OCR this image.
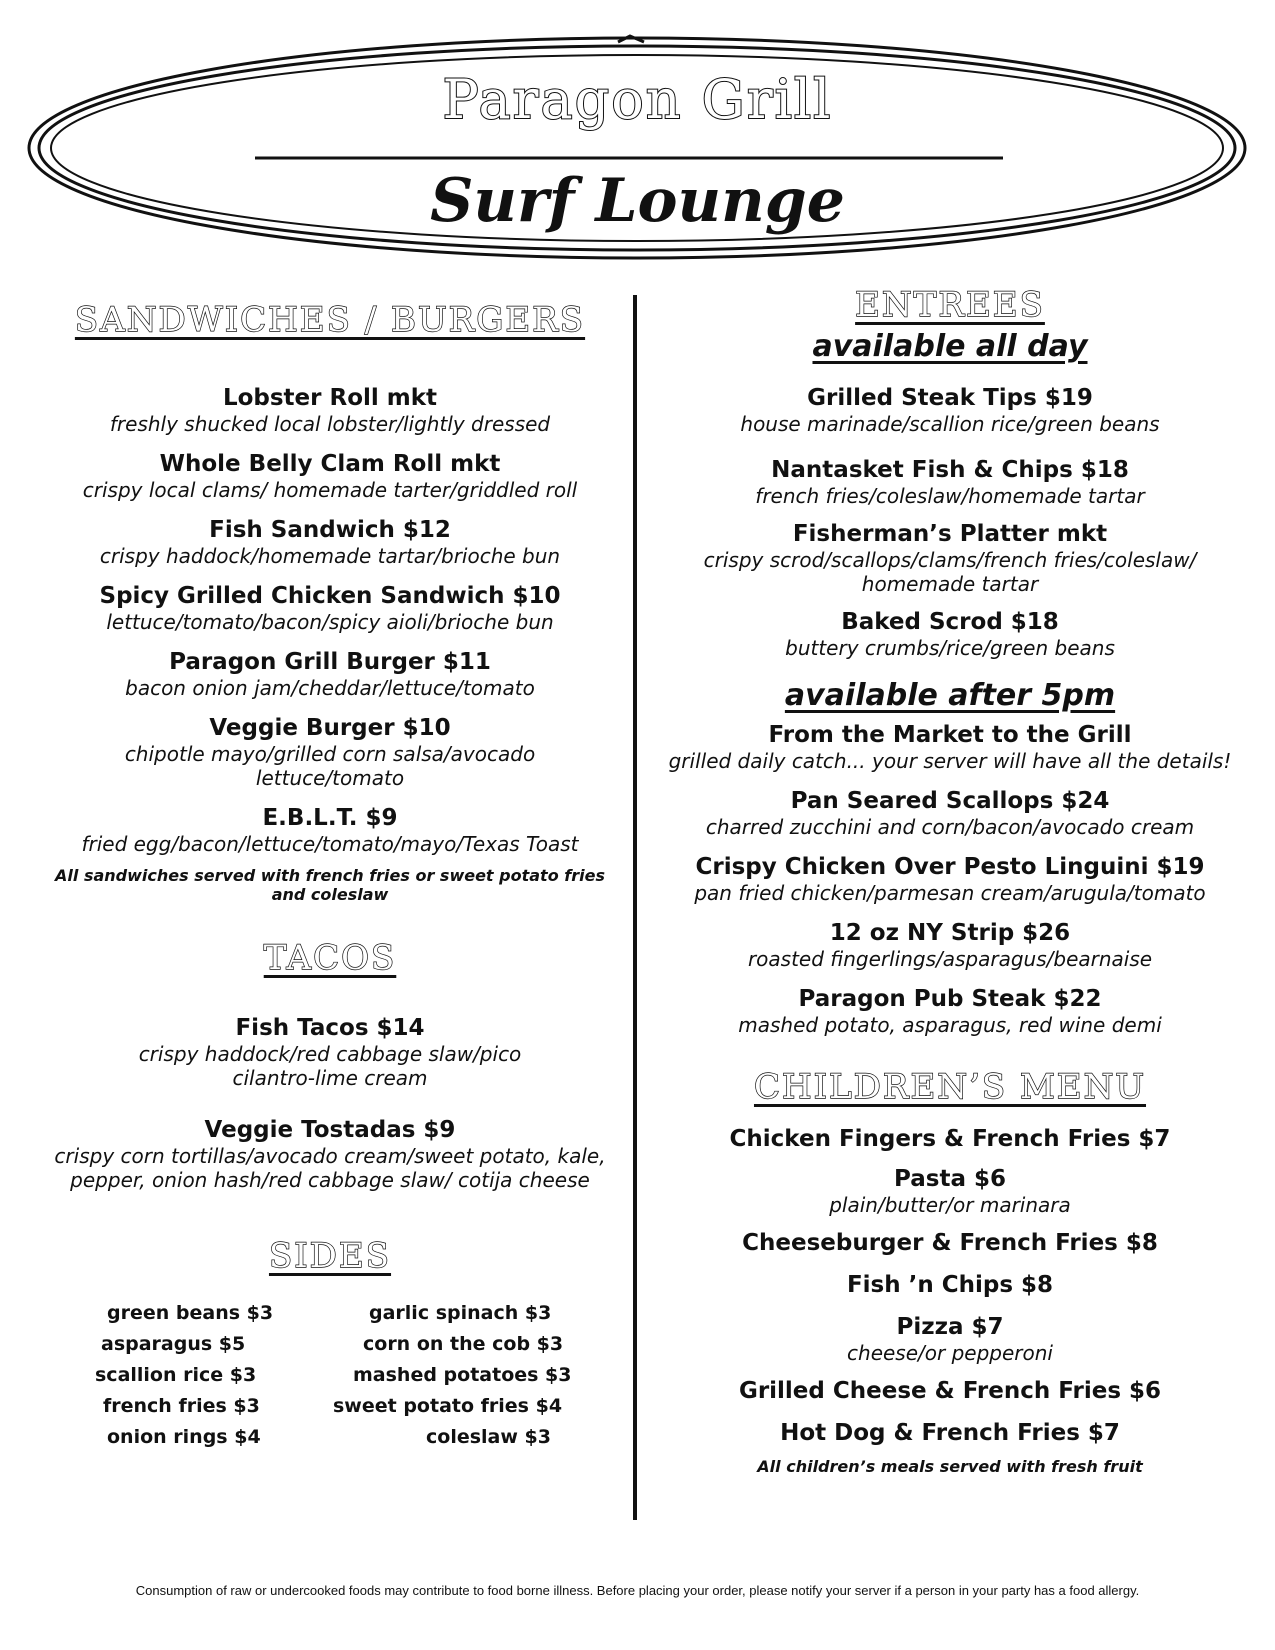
Paragon Grill
Surf Lounge
SANDWICHES / BURGERS
Lobster Roll mkt
freshly shucked local lobster/lightly dressed
Whole Belly Clam Roll mkt
crispy local clams/ homemade tarter/griddled roll
Fish Sandwich $12
crispy haddock/homemade tartar/brioche bun
Spicy Grilled Chicken Sandwich $10
lettuce/tomato/bacon/spicy aioli/brioche bun
Paragon Grill Burger $11
bacon onion jam/cheddar/lettuce/tomato
Veggie Burger $10
chipotle mayo/grilled corn salsa/avocado
lettuce/tomato
E.B.L.T. $9
fried egg/bacon/lettuce/tomato/mayo/Texas Toast
All sandwiches served with french fries or sweet potato fries
and coleslaw
TACOS
Fish Tacos $14
crispy haddock/red cabbage slaw/pico
cilantro-lime cream
Veggie Tostadas $9
crispy corn tortillas/avocado cream/sweet potato, kale,
pepper, onion hash/red cabbage slaw/ cotija cheese
SIDES
green beans $3
asparagus $5
scallion rice $3
french fries $3
onion rings $4
garlic spinach $3
corn on the cob $3
mashed potatoes $3
sweet potato fries $4
coleslaw $3
ENTREES
available all day
Grilled Steak Tips $19
house marinade/scallion rice/green beans
Nantasket Fish & Chips $18
french fries/coleslaw/homemade tartar
Fisherman’s Platter mkt
crispy scrod/scallops/clams/french fries/coleslaw/
homemade tartar
Baked Scrod $18
buttery crumbs/rice/green beans
available after 5pm
From the Market to the Grill
grilled daily catch... your server will have all the details!
Pan Seared Scallops $24
charred zucchini and corn/bacon/avocado cream
Crispy Chicken Over Pesto Linguini $19
pan fried chicken/parmesan cream/arugula/tomato
12 oz NY Strip $26
roasted fingerlings/asparagus/bearnaise
Paragon Pub Steak $22
mashed potato, asparagus, red wine demi
CHILDREN’S MENU
Chicken Fingers & French Fries $7
Pasta $6
plain/butter/or marinara
Cheeseburger & French Fries $8
Fish ’n Chips $8
Pizza $7
cheese/or pepperoni
Grilled Cheese & French Fries $6
Hot Dog & French Fries $7
All children’s meals served with fresh fruit
Consumption of raw or undercooked foods may contribute to food borne illness. Before placing your order, please notify your server if a person in your party has a food allergy.
